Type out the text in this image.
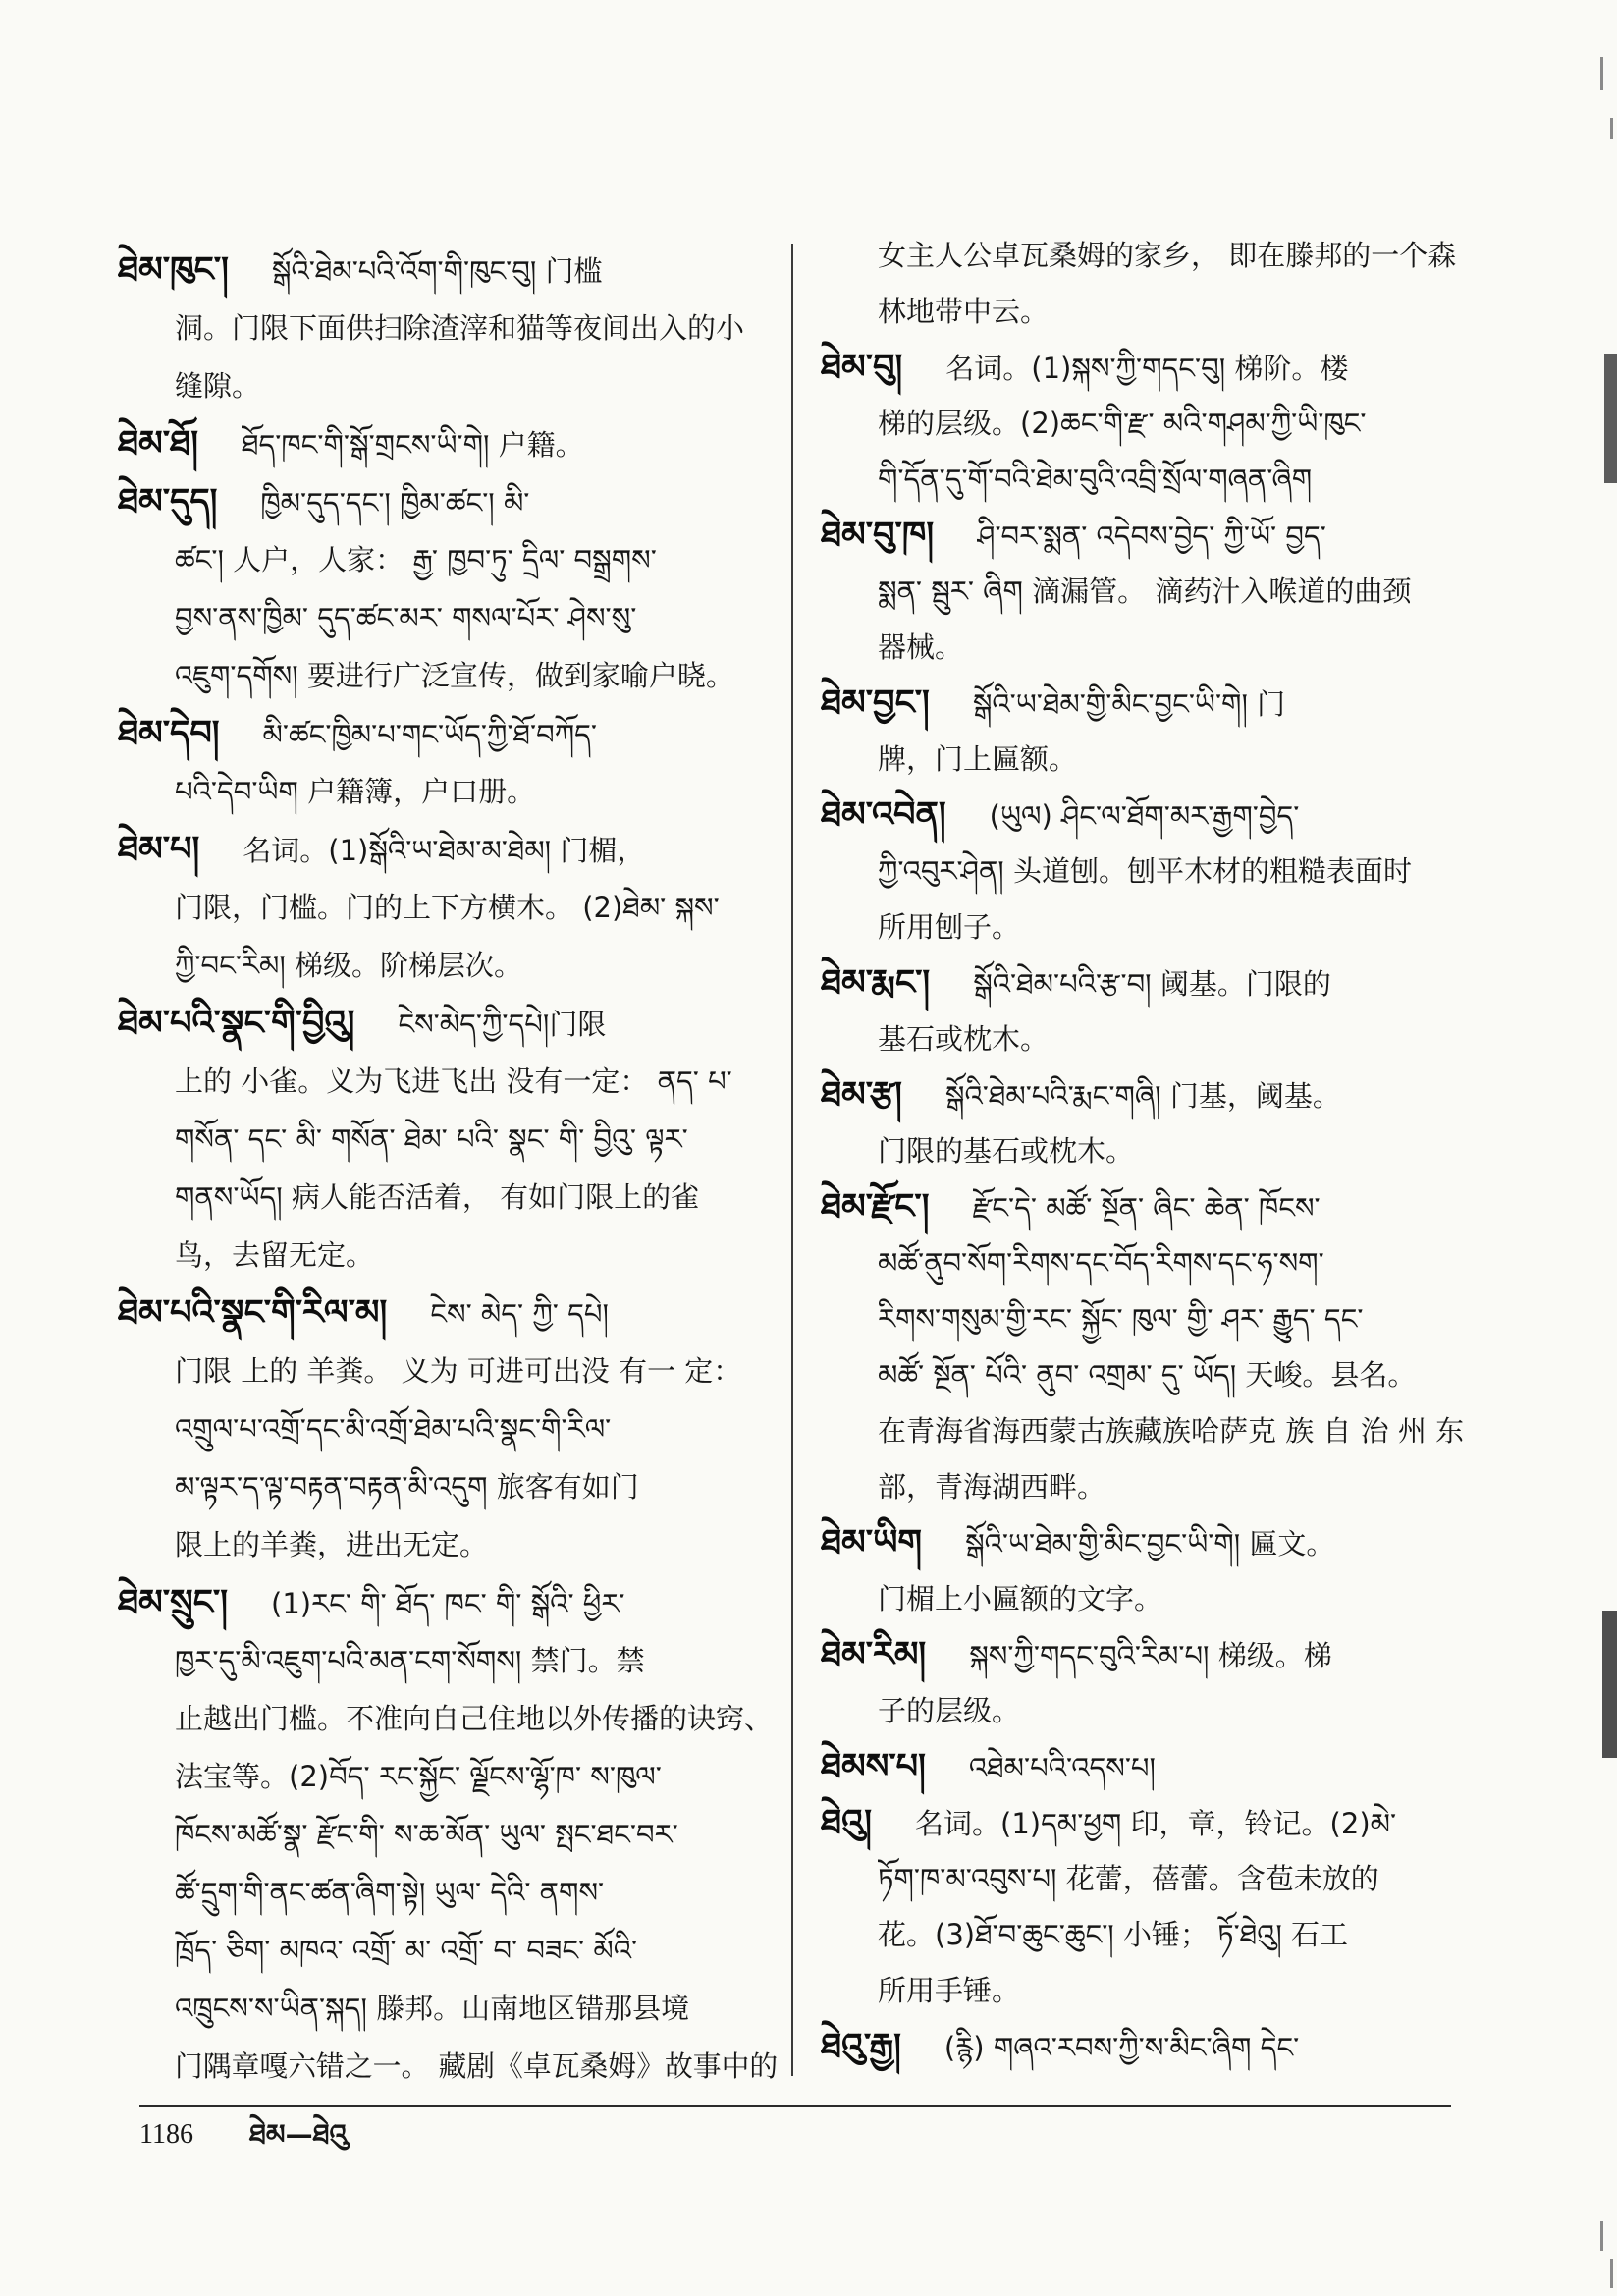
ཐེམ་ཁུང་། སྒོའི་ཐེམ་པའི་འོག་གི་ཁུང་བུ། 门槛
洞。门限下面供扫除渣滓和猫等夜间出入的小
缝隙。
ཐེམ་ཐོ། ཐོད་ཁང་གི་སྒོ་གྲངས་ཡི་གེ། 户籍。
ཐེམ་དུད། ཁྱིམ་དུད་དང་། ཁྱིམ་ཚང་། མི་
ཚང་། 人户，人家： རྒྱ་ ཁྱབ་ཏུ་ དྲིལ་ བསྒྲགས་
བྱས་ནས་ཁྱིམ་ དུད་ཚང་མར་ གསལ་པོར་ ཤེས་སུ་
འཇུག་དགོས། 要进行广泛宣传，做到家喻户晓。
ཐེམ་དེབ། མི་ཚང་ཁྱིམ་པ་གང་ཡོད་ཀྱི་ཐོ་བཀོད་
པའི་དེབ་ཡིག 户籍簿，户口册。
ཐེམ་པ། 名词。(1)སྒོའི་ཡ་ཐེམ་མ་ཐེམ། 门楣，
门限，门槛。门的上下方横木。 (2)ཐེམ་ སྐས་
ཀྱི་བང་རིམ། 梯级。阶梯层次。
ཐེམ་པའི་སྣང་གི་བྱིའུ། ངེས་མེད་ཀྱི་དཔེ།门限
上的 小雀。义为飞进飞出 没有一定： ནད་ པ་
གསོན་ དང་ མི་ གསོན་ ཐེམ་ པའི་ སྣང་ གི་ བྱིའུ་ ལྟར་
གནས་ཡོད། 病人能否活着， 有如门限上的雀
鸟，去留无定。
ཐེམ་པའི་སྣང་གི་རིལ་མ། ངེས་ མེད་ ཀྱི་ དཔེ།
门限 上的 羊粪。 义为 可进可出没 有一 定：
འགྲུལ་པ་འགྲོ་དང་མི་འགྲོ་ཐེམ་པའི་སྣང་གི་རིལ་
མ་ལྟར་ད་ལྟ་བརྟན་བརྟན་མི་འདུག 旅客有如门
限上的羊粪，进出无定。
ཐེམ་སྲུང་། (1)རང་ གི་ ཐོད་ ཁང་ གི་ སྒོའི་ ཕྱིར་
ཁྱར་དུ་མི་འཇུག་པའི་མན་ངག་སོགས། 禁门。禁
止越出门槛。不准向自己住地以外传播的诀窍、
法宝等。(2)བོད་ རང་སྐྱོང་ ལྗོངས་ལྷོ་ཁ་ ས་ཁུལ་
ཁོངས་མཚོ་སྣ་ རྫོང་གི་ ས་ཆ་མོན་ ཡུལ་ སྤང་ཐང་བར་
ཚོ་དྲུག་གི་ནང་ཚན་ཞིག་སྟེ། ཡུལ་ དེའི་ ནགས་
ཁྲོད་ ཅིག་ མཁའ་ འགྲོ་ མ་ འགྲོ་ བ་ བཟང་ མོའི་
འཁྲུངས་ས་ཡིན་སྐད། 滕邦。山南地区错那县境
门隅章嘎六错之一。 藏剧《卓瓦桑姆》故事中的
女主人公卓瓦桑姆的家乡， 即在滕邦的一个森
林地带中云。
ཐེམ་བུ། 名词。(1)སྐས་ཀྱི་གདང་བུ། 梯阶。楼
梯的层级。(2)ཆང་གི་རྫ་ མའི་གཤམ་ཀྱི་ཡི་ཁུང་
གི་དོན་དུ་གོ་བའི་ཐེམ་བུའི་འབྲི་སྲོལ་གཞན་ཞིག
ཐེམ་བུ་ཁ། ཤི་བར་སྨན་ འདེབས་བྱེད་ ཀྱི་ཡོ་ བྱད་
སྨན་ སྦུར་ ཞིག 滴漏管。 滴药汁入喉道的曲颈
器械。
ཐེམ་བྱང་། སྒོའི་ཡ་ཐེམ་གྱི་མིང་བྱང་ཡི་གེ། 门
牌，门上匾额。
ཐེམ་འབེན། (ཡུལ) ཤིང་ལ་ཐོག་མར་རྒྱག་བྱེད་
ཀྱི་འབུར་ཤེན། 头道刨。刨平木材的粗糙表面时
所用刨子。
ཐེམ་རྨང་། སྒོའི་ཐེམ་པའི་རྩ་བ། 阈基。门限的
基石或枕木。
ཐེམ་རྩ། སྒོའི་ཐེམ་པའི་རྨང་གཞི། 门基，阈基。
门限的基石或枕木。
ཐེམ་རྫོང་། རྫོང་དེ་ མཚོ་ སྔོན་ ཞིང་ ཆེན་ ཁོངས་
མཚོ་ནུབ་སོག་རིགས་དང་བོད་རིགས་དང་ཧ་སག་
རིགས་གསུམ་གྱི་རང་ སྐྱོང་ ཁུལ་ གྱི་ ཤར་ རྒྱུད་ དང་
མཚོ་ སྔོན་ པོའི་ ནུབ་ འགྲམ་ དུ་ ཡོད། 天峻。县名。
在青海省海西蒙古族藏族哈萨克 族 自 治 州 东
部，青海湖西畔。
ཐེམ་ཡིག སྒོའི་ཡ་ཐེམ་གྱི་མིང་བྱང་ཡི་གེ། 匾文。
门楣上小匾额的文字。
ཐེམ་རིམ། སྐས་ཀྱི་གདང་བུའི་རིམ་པ། 梯级。梯
子的层级。
ཐེམས་པ། འཐེམ་པའི་འདས་པ།
ཐེའུ། 名词。(1)དམ་ཕྱག 印，章，铃记。(2)མེ་
ཏོག་ཁ་མ་འབུས་པ། 花蕾，蓓蕾。含苞未放的
花。(3)ཐོ་བ་ཆུང་ཆུང་། 小锤； ཏོ་ཐེའུ། 石工
所用手锤。
ཐེའུ་རྒྱ། (རྙི) གཞའ་རབས་ཀྱི་ས་མིང་ཞིག དེང་
1186 ཐེམ—ཐེའུ
